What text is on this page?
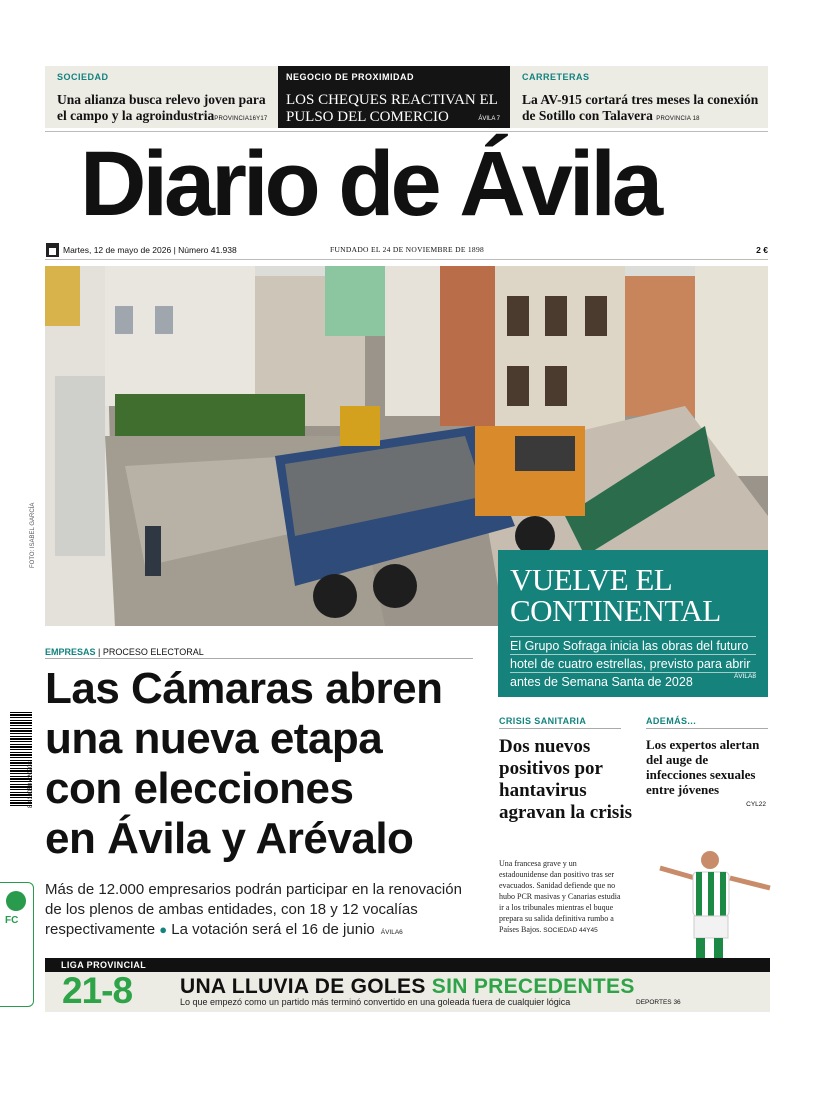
SOCIEDAD
Una alianza busca relevo joven para el campo y la agroindustriaPROVINCIA16Y17
NEGOCIO DE PROXIMIDAD
LOS CHEQUES REACTIVAN EL PULSO DEL COMERCIO	ÁVILA 7
CARRETERAS
La AV-915 cortará tres meses la conexión de Sotillo con Talavera PROVINCIA 18
Diario de Ávila
Martes, 12 de mayo de 2026 | Número 41.938	FUNDADO EL 24 DE NOVIEMBRE DE 1898	2 €
FOTO: ISABEL GARCÍA
VUELVE EL
CONTINENTAL
El Grupo Sofraga inicia las obras del futuro hotel de cuatro estrellas, previsto para abrir antes de Semana Santa de 2028	ÁVILA8
EMPRESAS | PROCESO ELECTORAL
Las Cámaras abren
una nueva etapa
con elecciones
en Ávila y Arévalo
Más de 12.000 empresarios podrán participar en la renovación de los plenos de ambas entidades, con 18 y 12 vocalías respectivamente ● La votación será el 16 de junio ÁVILA6
8 410050 420208
CRISIS SANITARIA
Dos nuevos positivos por hantavirus agravan la crisis
Una francesa grave y un estadounidense dan positivo tras ser evacuados. Sanidad defiende que no hubo PCR masivas y Canarias estudia ir a los tribunales mientras el buque prepara su salida definitiva rumbo a Países Bajos. SOCIEDAD 44Y45
ADEMÁS...
Los expertos alertan del auge de infecciones sexuales entre jóvenes
CYL22
FC
LIGA PROVINCIAL
21-8 UNA LLUVIA DE GOLES SIN PRECEDENTES
Lo que empezó como un partido más terminó convertido en una goleada fuera de cualquier lógica	DEPORTES 36
